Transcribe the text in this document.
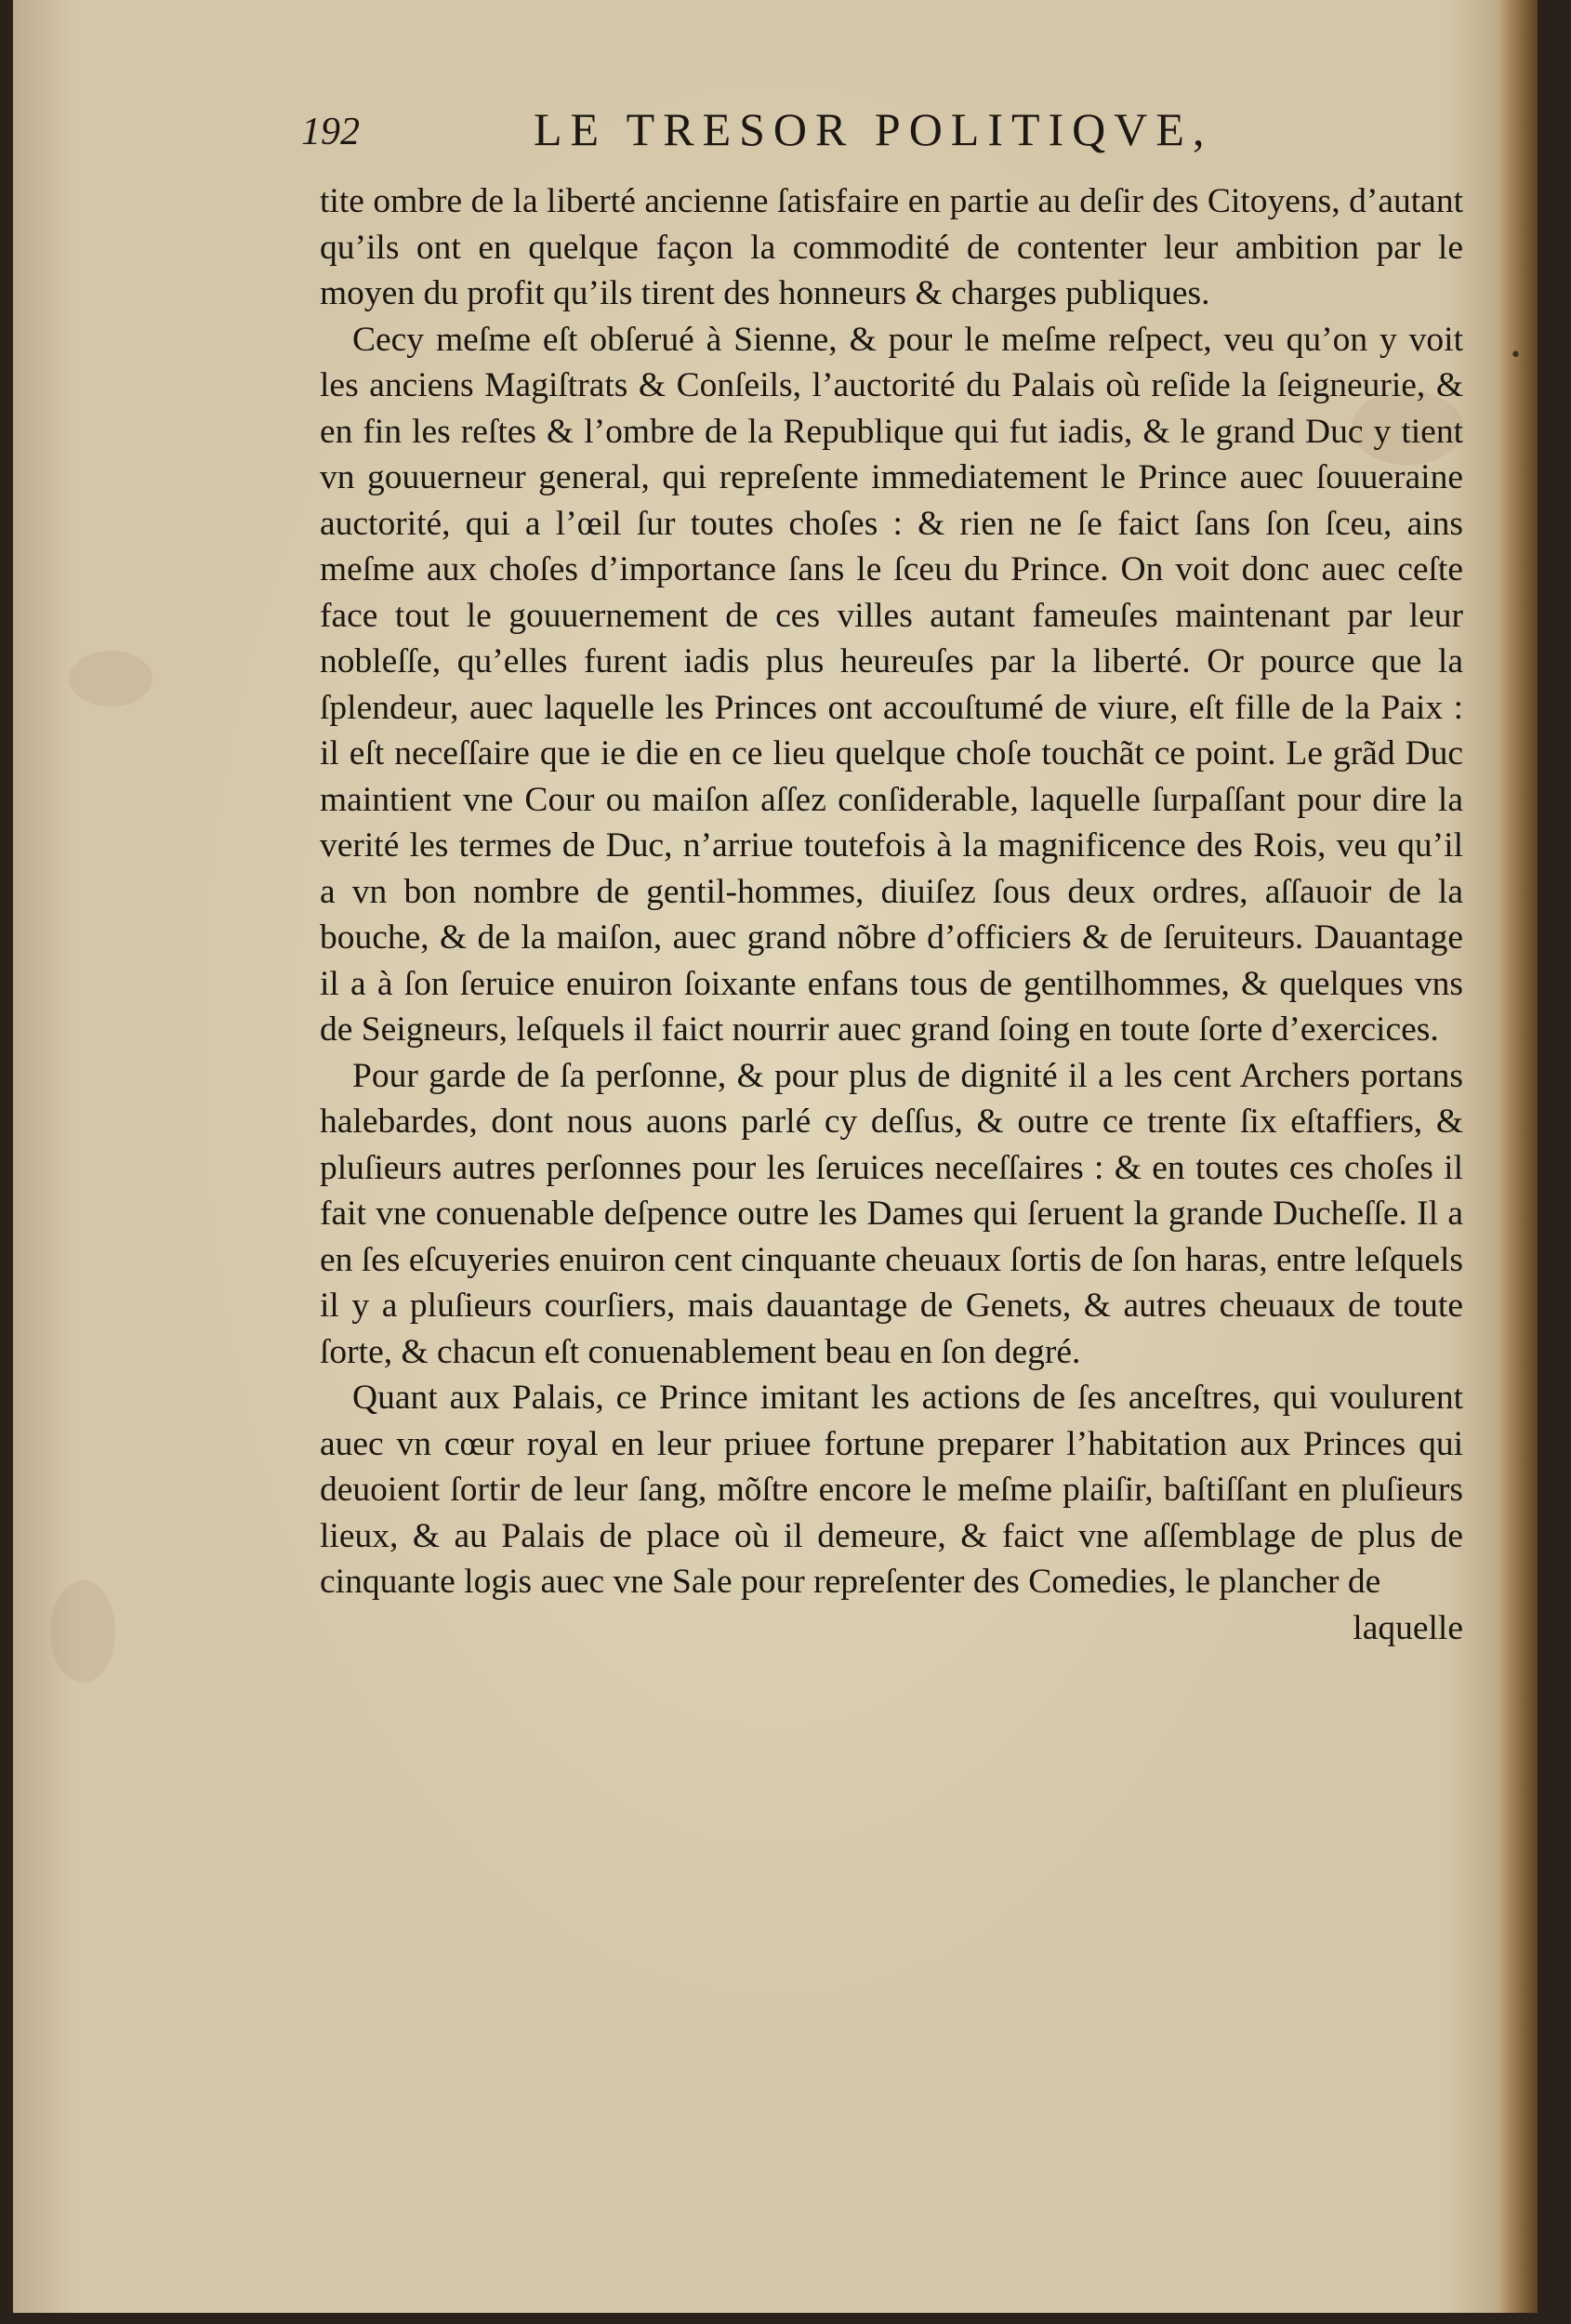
192	LE TRESOR POLITIQVE,
•

tite ombre de la liberté ancienne ſatisfaire en partie au deſir des Citoyens, d’autant qu’ils ont en quelque façon la commodité de contenter leur ambition par le moyen du profit qu’ils tirent des honneurs & charges publiques.

Cecy meſme eſt obſerué à Sienne, & pour le meſme reſpect, veu qu’on y voit les anciens Magiſtrats & Conſeils, l’auctorité du Palais où reſide la ſeigneurie, & en fin les reſtes & l’ombre de la Republique qui fut iadis, & le grand Duc y tient vn gouuerneur general, qui repreſente immediatement le Prince auec ſouueraine auctorité, qui a l’œil ſur toutes choſes : & rien ne ſe faict ſans ſon ſceu, ains meſme aux choſes d’importance ſans le ſceu du Prince. On voit donc auec ceſte face tout le gouuernement de ces villes autant fameuſes maintenant par leur nobleſſe, qu’elles furent iadis plus heureuſes par la liberté. Or pource que la ſplendeur, auec laquelle les Princes ont accouſtumé de viure, eſt fille de la Paix : il eſt neceſſaire que ie die en ce lieu quelque choſe touchãt ce point. Le grãd Duc maintient vne Cour ou maiſon aſſez conſiderable, laquelle ſurpaſſant pour dire la verité les termes de Duc, n’arriue toutefois à la magnificence des Rois, veu qu’il a vn bon nombre de gentil-hommes, diuiſez ſous deux ordres, aſſauoir de la bouche, & de la maiſon, auec grand nõbre d’officiers & de ſeruiteurs. Dauantage il a à ſon ſeruice enuiron ſoixante enfans tous de gentilhommes, & quelques vns de Seigneurs, leſquels il faict nourrir auec grand ſoing en toute ſorte d’exercices.

Pour garde de ſa perſonne, & pour plus de dignité il a les cent Archers portans halebardes, dont nous auons parlé cy deſſus, & outre ce trente ſix eſtaffiers, & pluſieurs autres perſonnes pour les ſeruices neceſſaires : & en toutes ces choſes il fait vne conuenable deſpence outre les Dames qui ſeruent la grande Ducheſſe. Il a en ſes eſcuyeries enuiron cent cinquante cheuaux ſortis de ſon haras, entre leſquels il y a pluſieurs courſiers, mais dauantage de Genets, & autres cheuaux de toute ſorte, & chacun eſt conuenablement beau en ſon degré.

Quant aux Palais, ce Prince imitant les actions de ſes anceſtres, qui voulurent auec vn cœur royal en leur priuee fortune preparer l’habitation aux Princes qui deuoient ſortir de leur ſang, mõſtre encore le meſme plaiſir, baſtiſſant en pluſieurs lieux, & au Palais de place où il demeure, & faict vne aſſemblage de plus de cinquante logis auec vne Sale pour repreſenter des Comedies, le plancher de

laquelle
